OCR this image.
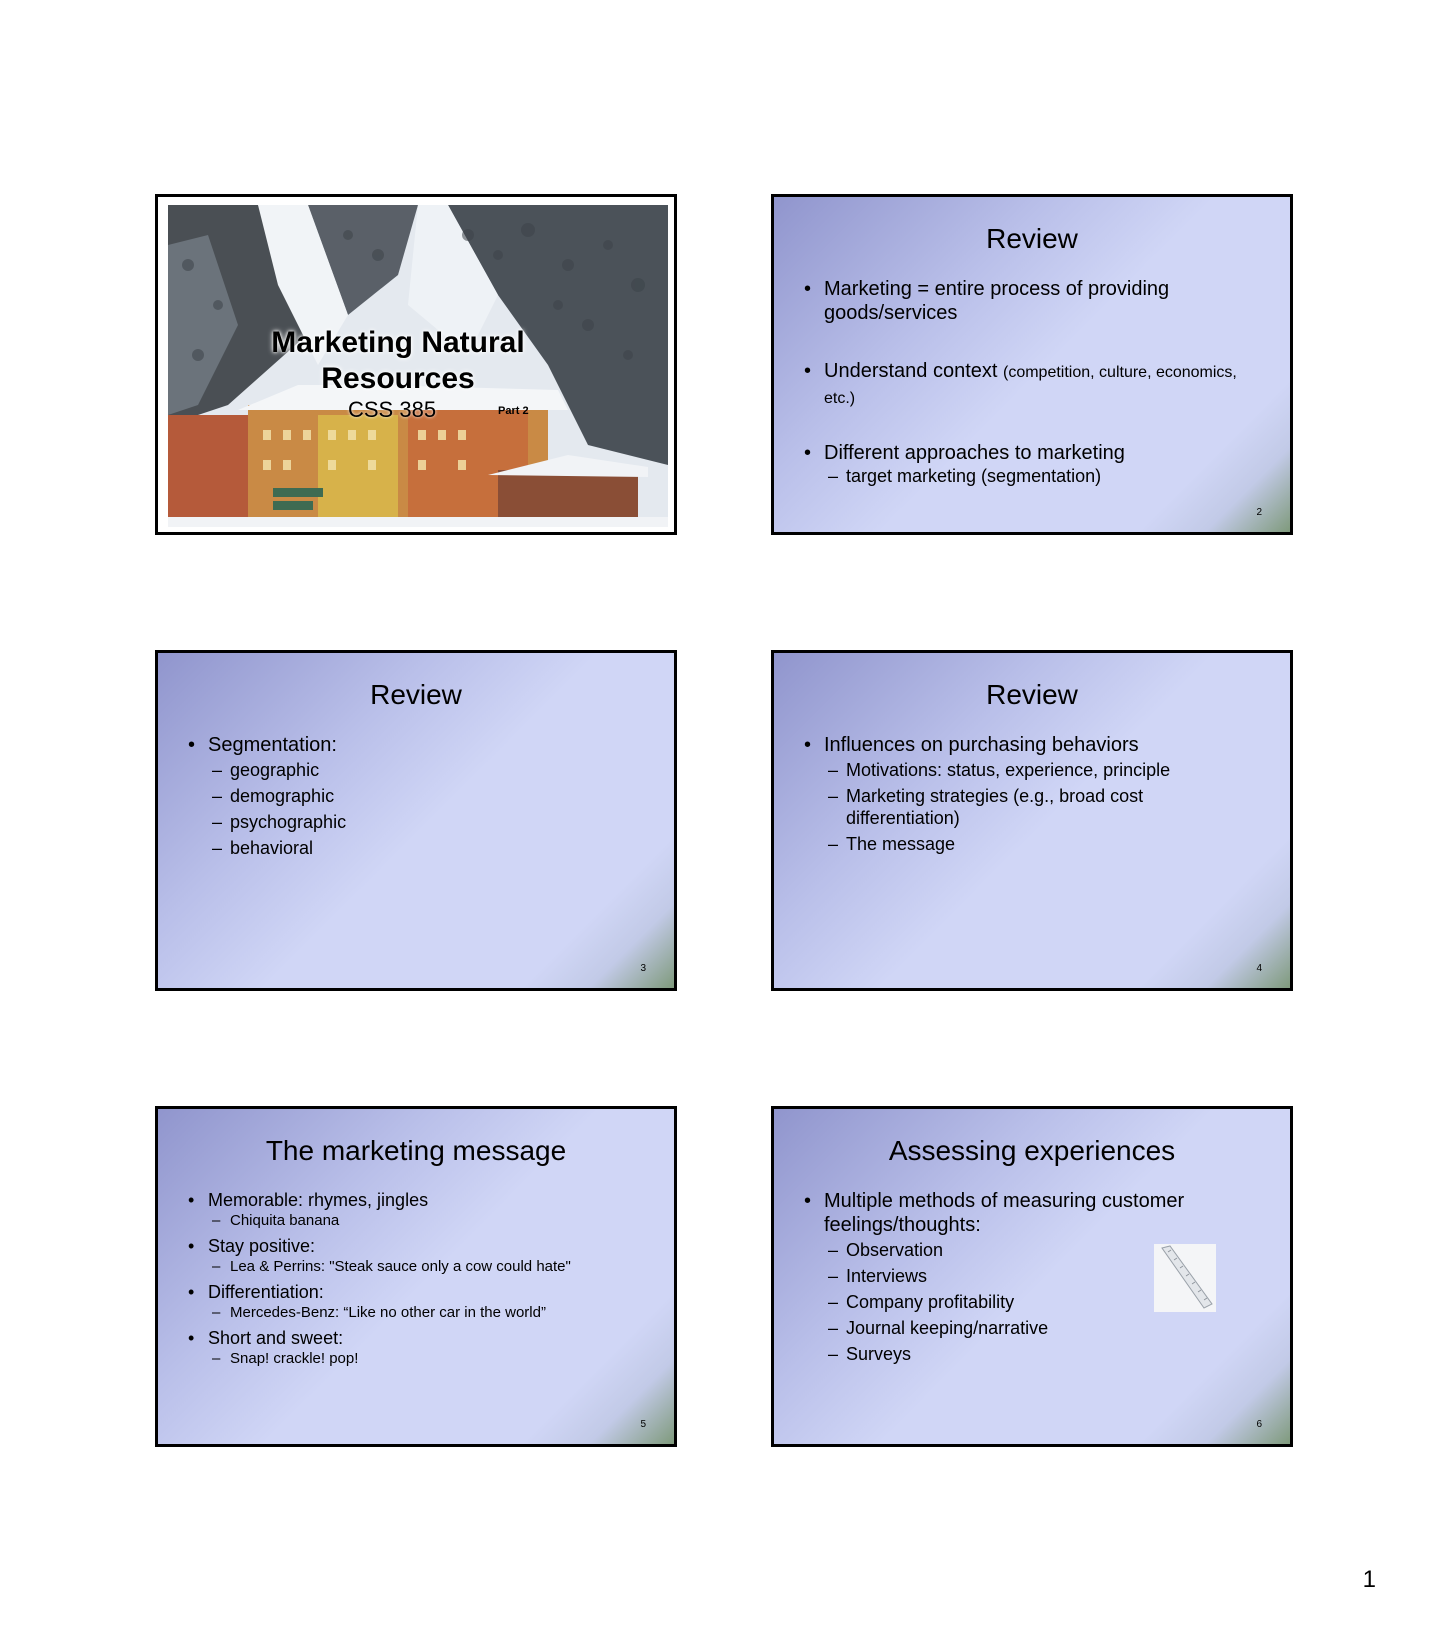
Marketing Natural Resources
CSS 385	Part 2
Review
• Marketing = entire process of providing goods/services
• Understand context (competition, culture, economics, etc.)
• Different approaches to marketing
– target marketing (segmentation)
2
Review
• Segmentation:
– geographic
– demographic
– psychographic
– behavioral
3
Review
• Influences on purchasing behaviors
– Motivations: status, experience, principle
– Marketing strategies (e.g., broad cost differentiation)
– The message
4
The marketing message
• Memorable: rhymes, jingles
– Chiquita banana
• Stay positive:
– Lea & Perrins: "Steak sauce only a cow could hate"
• Differentiation:
– Mercedes-Benz: “Like no other car in the world”
• Short and sweet:
– Snap! crackle! pop!
5
Assessing experiences
• Multiple methods of measuring customer feelings/thoughts:
– Observation
– Interviews
– Company profitability
– Journal keeping/narrative
– Surveys
6
1
